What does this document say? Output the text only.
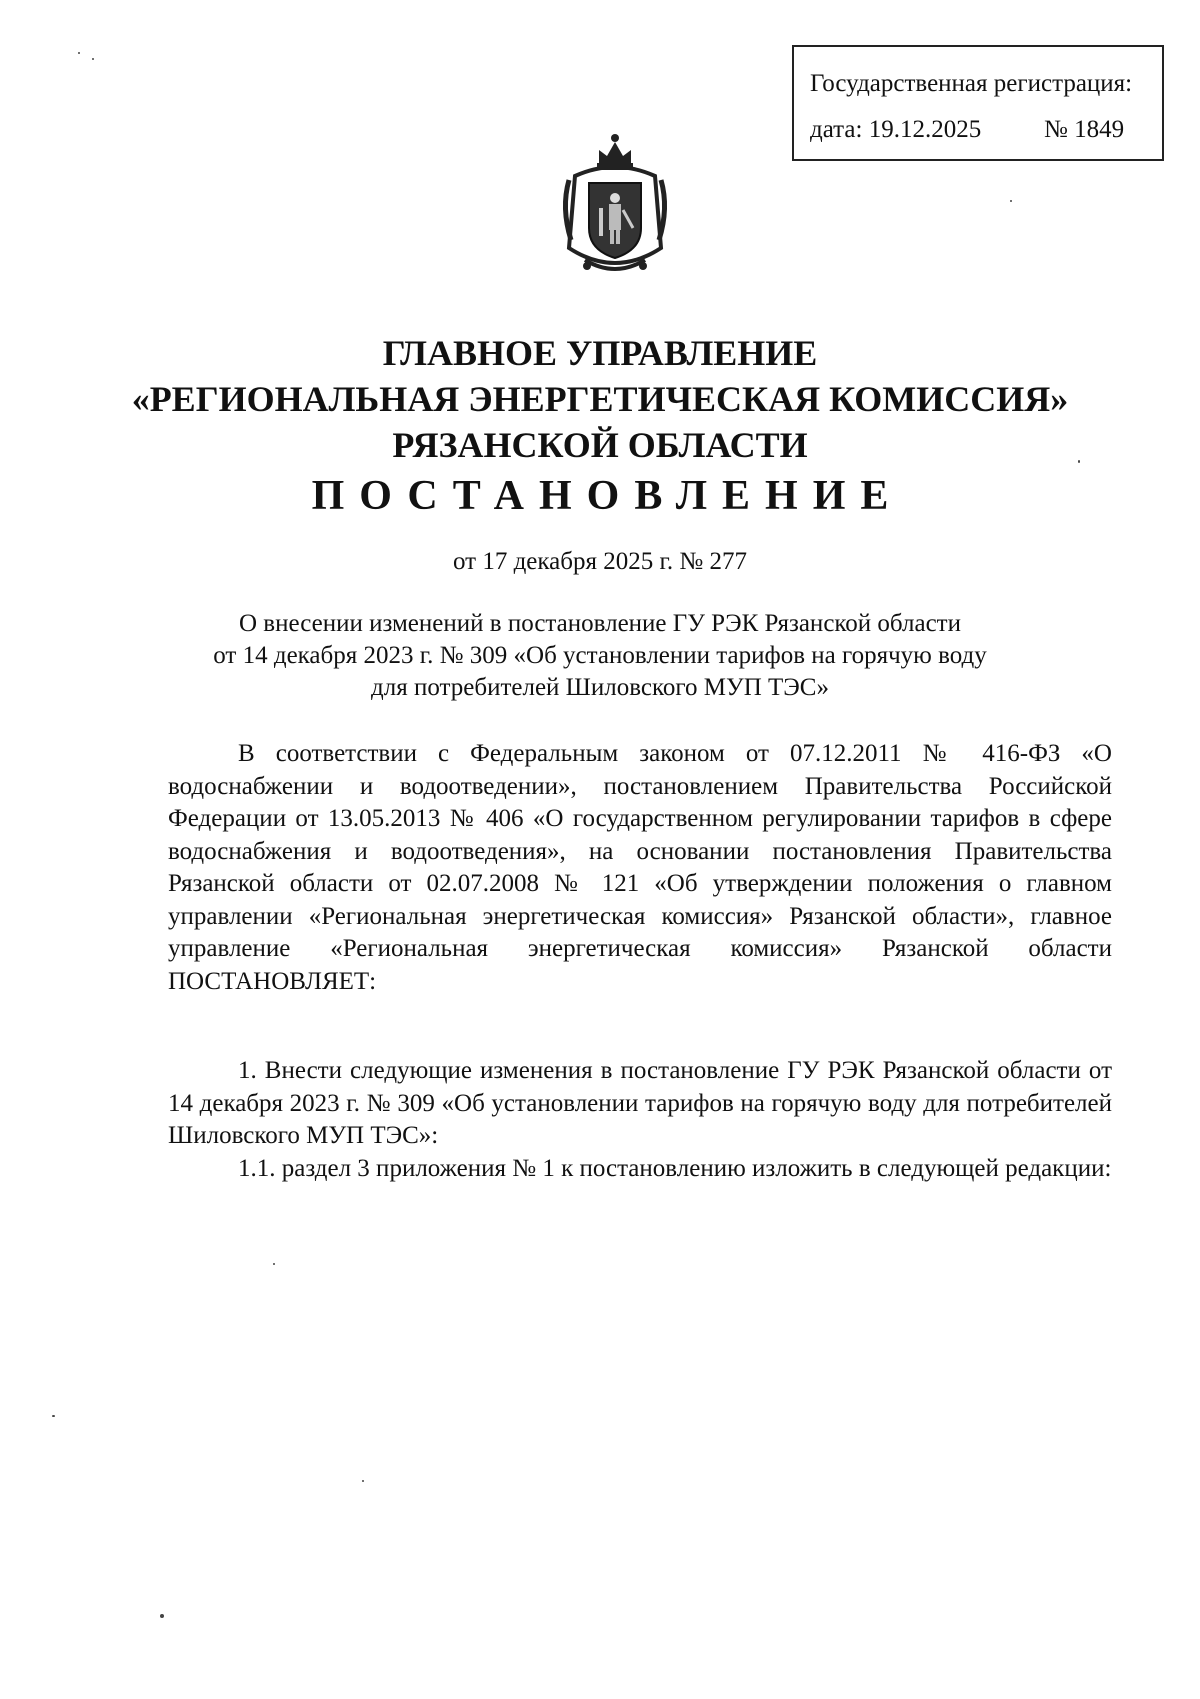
Государственная регистрация:
дата: 19.12.2025	№ 1849
ГЛАВНОЕ УПРАВЛЕНИЕ
«РЕГИОНАЛЬНАЯ ЭНЕРГЕТИЧЕСКАЯ КОМИССИЯ»
РЯЗАНСКОЙ ОБЛАСТИ
ПОСТАНОВЛЕНИЕ
от 17 декабря 2025 г. № 277
О внесении изменений в постановление ГУ РЭК Рязанской области
от 14 декабря 2023 г. № 309 «Об установлении тарифов на горячую воду
для потребителей Шиловского МУП ТЭС»

В соответствии с Федеральным законом от 07.12.2011 № 416-ФЗ «О водоснабжении и водоотведении», постановлением Правительства Российской Федерации от 13.05.2013 № 406 «О государственном регулировании тарифов в сфере водоснабжения и водоотведения», на основании постановления Правительства Рязанской области от 02.07.2008 № 121 «Об утверждении положения о главном управлении «Региональная энергетическая комиссия» Рязанской области», главное управление «Региональная энергетическая комиссия» Рязанской области ПОСТАНОВЛЯЕТ:

1. Внести следующие изменения в постановление ГУ РЭК Рязанской области от 14 декабря 2023 г. № 309 «Об установлении тарифов на горячую воду для потребителей Шиловского МУП ТЭС»:

1.1. раздел 3 приложения № 1 к постановлению изложить в следующей редакции:
